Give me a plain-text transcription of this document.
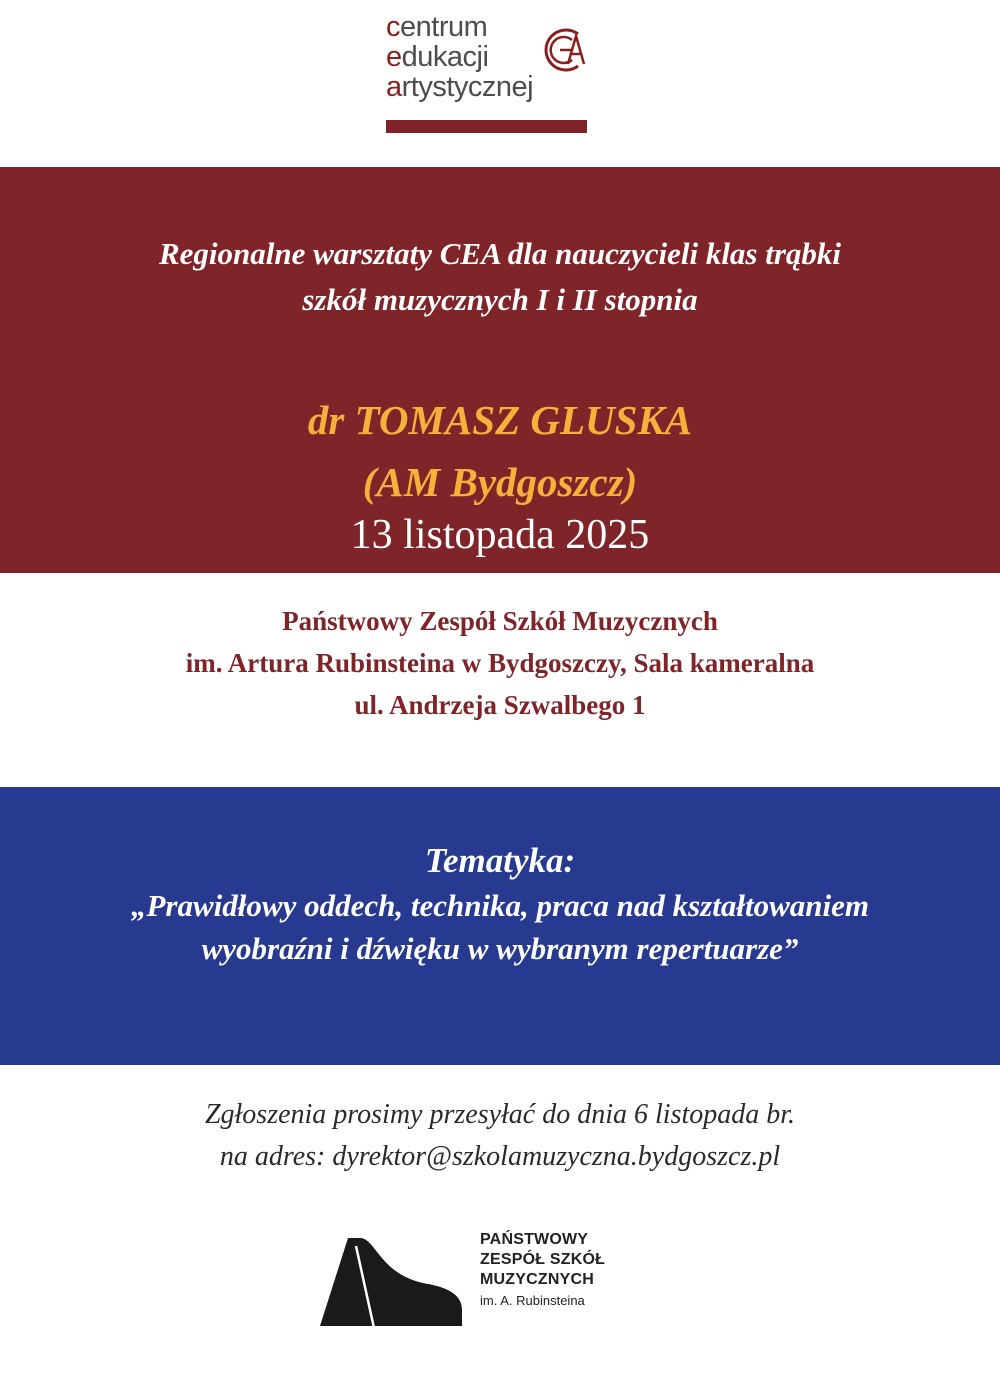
centrum
edukacji
artystycznej
Regionalne warsztaty CEA dla nauczycieli klas trąbki
szkół muzycznych I i II stopnia
dr TOMASZ GLUSKA
(AM Bydgoszcz)
13 listopada 2025
Państwowy Zespół Szkół Muzycznych
im. Artura Rubinsteina w Bydgoszczy, Sala kameralna
ul. Andrzeja Szwalbego 1
Tematyka:
„Prawidłowy oddech, technika, praca nad kształtowaniem
wyobraźni i dźwięku w wybranym repertuarze”
Zgłoszenia prosimy przesyłać do dnia 6 listopada br.
na adres: dyrektor@szkolamuzyczna.bydgoszcz.pl
PAŃSTWOWY
ZESPÓŁ SZKÓŁ
MUZYCZNYCH
im. A. Rubinsteina
